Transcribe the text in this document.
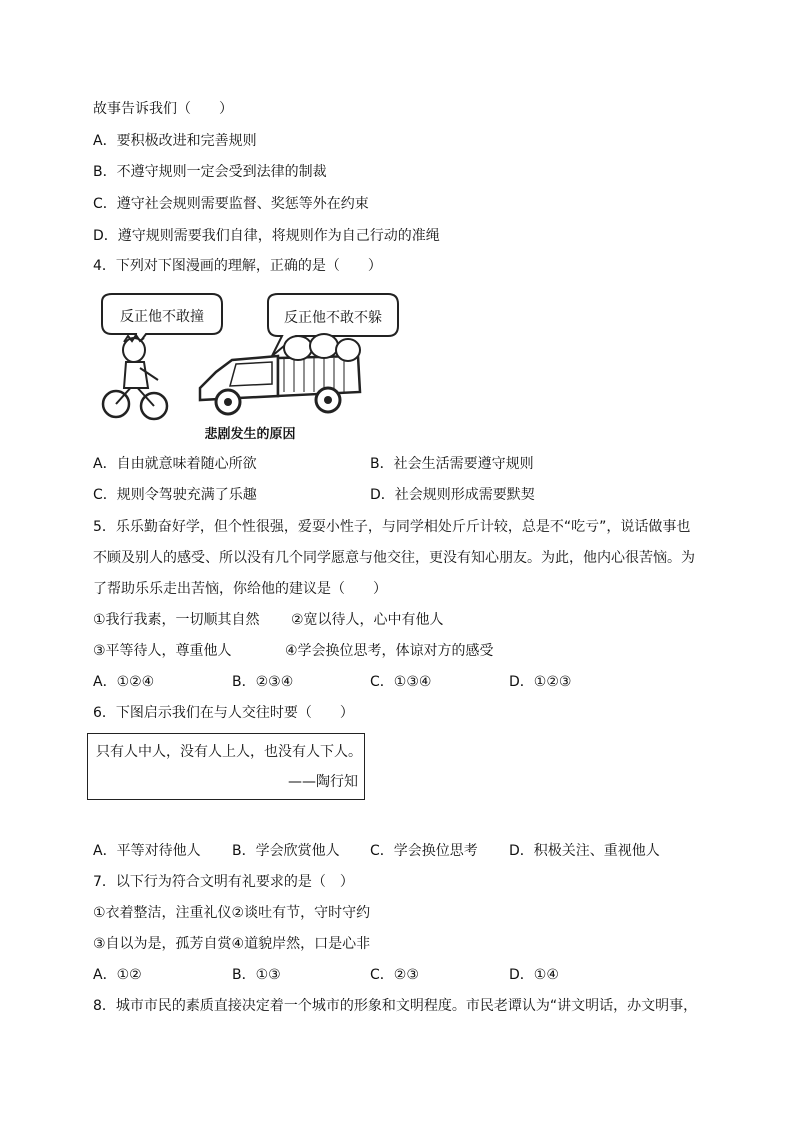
故事告诉我们（　　）
A．要积极改进和完善规则
B．不遵守规则一定会受到法律的制裁
C．遵守社会规则需要监督、奖惩等外在约束
D．遵守规则需要我们自律，将规则作为自己行动的准绳
4．下列对下图漫画的理解，正确的是（　　）
反正他不敢撞	反正他不敢不躲
悲剧发生的原因
A．自由就意味着随心所欲	B．社会生活需要遵守规则
C．规则令驾驶充满了乐趣	D．社会规则形成需要默契
5．乐乐勤奋好学，但个性很强，爱耍小性子，与同学相处斤斤计较，总是不“吃亏”，说话做事也
不顾及别人的感受、所以没有几个同学愿意与他交往，更没有知心朋友。为此，他内心很苦恼。为
了帮助乐乐走出苦恼，你给他的建议是（　　）
①我行我素，一切顺其自然 ②宽以待人，心中有他人
③平等待人，尊重他人	④学会换位思考，体谅对方的感受
A．①②④	B．②③④	C．①③④	D．①②③
6．下图启示我们在与人交往时要（　　）
只有人中人，没有人上人，也没有人下人。
——陶行知
A．平等对待他人 B．学会欣赏他人 C．学会换位思考 D．积极关注、重视他人
7．以下行为符合文明有礼要求的是（　）
①衣着整洁，注重礼仪②谈吐有节，守时守约
③自以为是，孤芳自赏④道貌岸然，口是心非
A．①②	B．①③	C．②③	D．①④
8．城市市民的素质直接决定着一个城市的形象和文明程度。市民老谭认为“讲文明话，办文明事，
